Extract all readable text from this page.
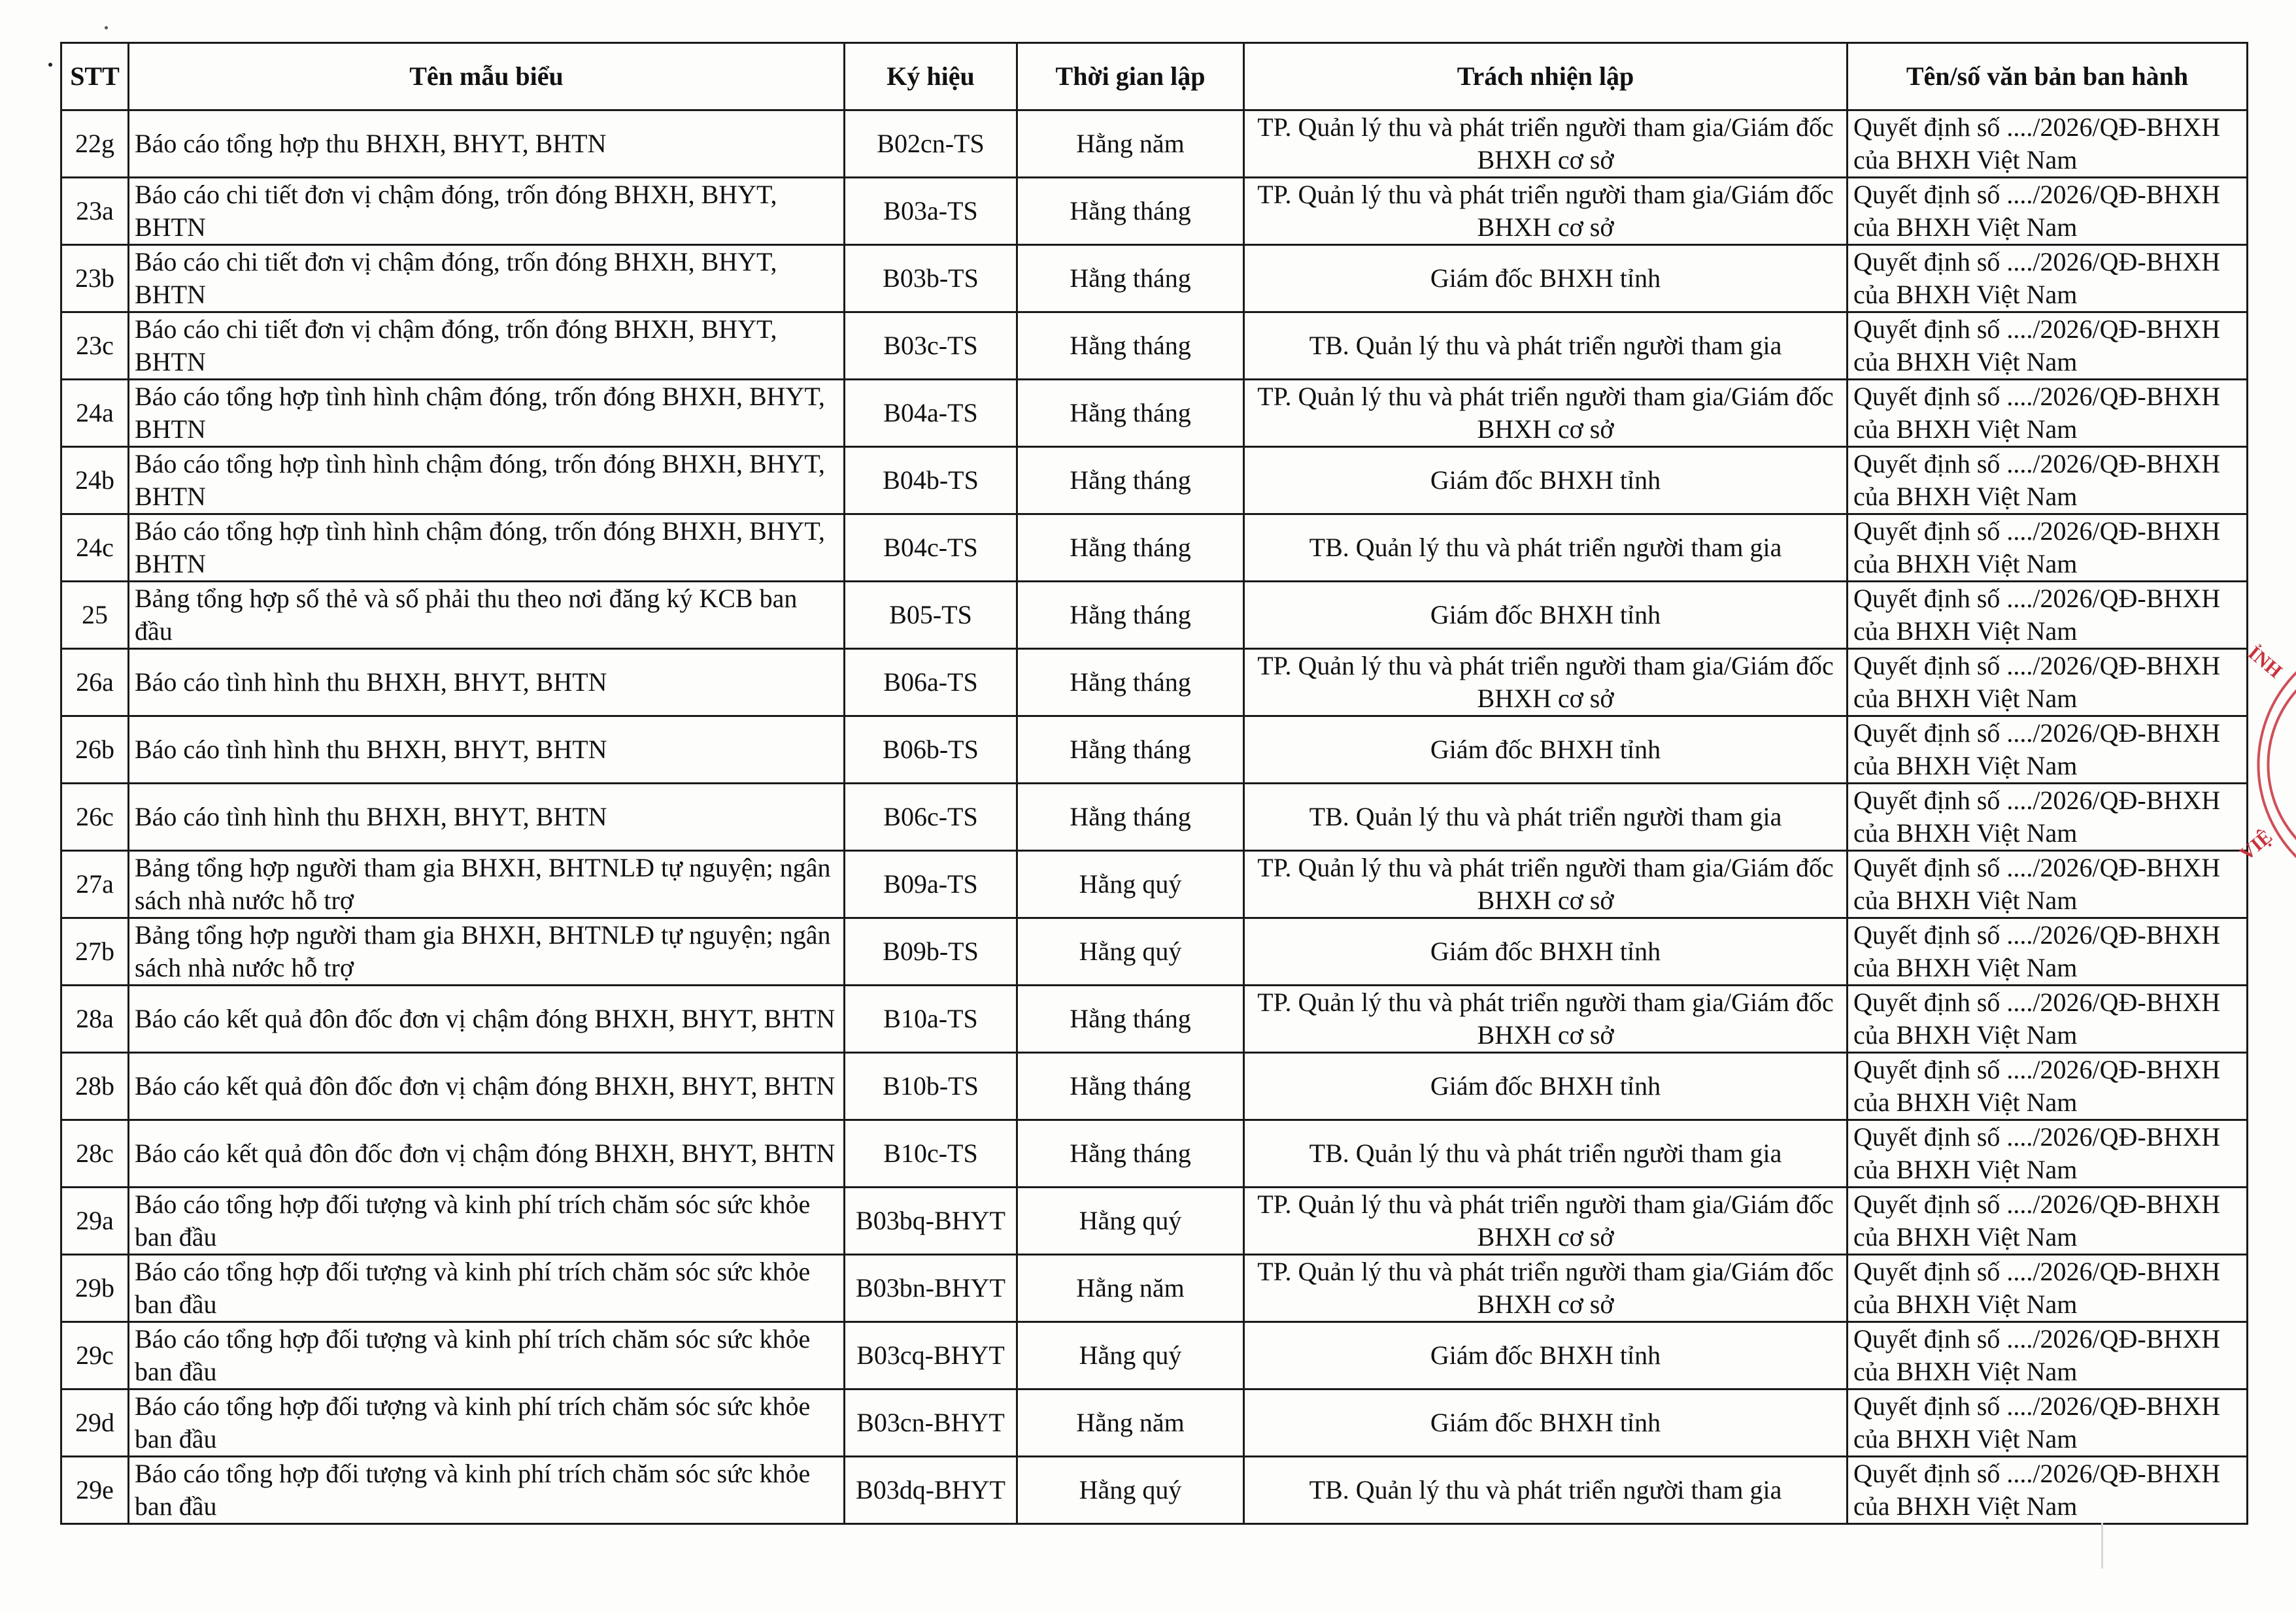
STT	Tên mẫu biểu	Ký hiệu	Thời gian lập	Trách nhiện lập	Tên/số văn bản ban hành
22g	Báo cáo tổng hợp thu BHXH, BHYT, BHTN	B02cn-TS	Hằng năm	TP. Quản lý thu và phát triển người tham gia/Giám đốc BHXH cơ sở	Quyết định số ..../2026/QĐ-BHXH của BHXH Việt Nam
23a	Báo cáo chi tiết đơn vị chậm đóng, trốn đóng BHXH, BHYT, BHTN	B03a-TS	Hằng tháng	TP. Quản lý thu và phát triển người tham gia/Giám đốc BHXH cơ sở	Quyết định số ..../2026/QĐ-BHXH của BHXH Việt Nam
23b	Báo cáo chi tiết đơn vị chậm đóng, trốn đóng BHXH, BHYT, BHTN	B03b-TS	Hằng tháng	Giám đốc BHXH tỉnh	Quyết định số ..../2026/QĐ-BHXH của BHXH Việt Nam
23c	Báo cáo chi tiết đơn vị chậm đóng, trốn đóng BHXH, BHYT, BHTN	B03c-TS	Hằng tháng	TB. Quản lý thu và phát triển người tham gia	Quyết định số ..../2026/QĐ-BHXH của BHXH Việt Nam
24a	Báo cáo tổng hợp tình hình chậm đóng, trốn đóng BHXH, BHYT, BHTN	B04a-TS	Hằng tháng	TP. Quản lý thu và phát triển người tham gia/Giám đốc BHXH cơ sở	Quyết định số ..../2026/QĐ-BHXH của BHXH Việt Nam
24b	Báo cáo tổng hợp tình hình chậm đóng, trốn đóng BHXH, BHYT, BHTN	B04b-TS	Hằng tháng	Giám đốc BHXH tỉnh	Quyết định số ..../2026/QĐ-BHXH của BHXH Việt Nam
24c	Báo cáo tổng hợp tình hình chậm đóng, trốn đóng BHXH, BHYT, BHTN	B04c-TS	Hằng tháng	TB. Quản lý thu và phát triển người tham gia	Quyết định số ..../2026/QĐ-BHXH của BHXH Việt Nam
25	Bảng tổng hợp số thẻ và số phải thu theo nơi đăng ký KCB ban đầu	B05-TS	Hằng tháng	Giám đốc BHXH tỉnh	Quyết định số ..../2026/QĐ-BHXH của BHXH Việt Nam
26a	Báo cáo tình hình thu BHXH, BHYT, BHTN	B06a-TS	Hằng tháng	TP. Quản lý thu và phát triển người tham gia/Giám đốc BHXH cơ sở	Quyết định số ..../2026/QĐ-BHXH của BHXH Việt Nam
26b	Báo cáo tình hình thu BHXH, BHYT, BHTN	B06b-TS	Hằng tháng	Giám đốc BHXH tỉnh	Quyết định số ..../2026/QĐ-BHXH của BHXH Việt Nam
26c	Báo cáo tình hình thu BHXH, BHYT, BHTN	B06c-TS	Hằng tháng	TB. Quản lý thu và phát triển người tham gia	Quyết định số ..../2026/QĐ-BHXH của BHXH Việt Nam
27a	Bảng tổng hợp người tham gia BHXH, BHTNLĐ tự nguyện; ngân sách nhà nước hỗ trợ	B09a-TS	Hằng quý	TP. Quản lý thu và phát triển người tham gia/Giám đốc BHXH cơ sở	Quyết định số ..../2026/QĐ-BHXH của BHXH Việt Nam
27b	Bảng tổng hợp người tham gia BHXH, BHTNLĐ tự nguyện; ngân sách nhà nước hỗ trợ	B09b-TS	Hằng quý	Giám đốc BHXH tỉnh	Quyết định số ..../2026/QĐ-BHXH của BHXH Việt Nam
28a	Báo cáo kết quả đôn đốc đơn vị chậm đóng BHXH, BHYT, BHTN	B10a-TS	Hằng tháng	TP. Quản lý thu và phát triển người tham gia/Giám đốc BHXH cơ sở	Quyết định số ..../2026/QĐ-BHXH của BHXH Việt Nam
28b	Báo cáo kết quả đôn đốc đơn vị chậm đóng BHXH, BHYT, BHTN	B10b-TS	Hằng tháng	Giám đốc BHXH tỉnh	Quyết định số ..../2026/QĐ-BHXH của BHXH Việt Nam
28c	Báo cáo kết quả đôn đốc đơn vị chậm đóng BHXH, BHYT, BHTN	B10c-TS	Hằng tháng	TB. Quản lý thu và phát triển người tham gia	Quyết định số ..../2026/QĐ-BHXH của BHXH Việt Nam
29a	Báo cáo tổng hợp đối tượng và kinh phí trích chăm sóc sức khỏe ban đầu	B03bq-BHYT	Hằng quý	TP. Quản lý thu và phát triển người tham gia/Giám đốc BHXH cơ sở	Quyết định số ..../2026/QĐ-BHXH của BHXH Việt Nam
29b	Báo cáo tổng hợp đối tượng và kinh phí trích chăm sóc sức khỏe ban đầu	B03bn-BHYT	Hằng năm	TP. Quản lý thu và phát triển người tham gia/Giám đốc BHXH cơ sở	Quyết định số ..../2026/QĐ-BHXH của BHXH Việt Nam
29c	Báo cáo tổng hợp đối tượng và kinh phí trích chăm sóc sức khỏe ban đầu	B03cq-BHYT	Hằng quý	Giám đốc BHXH tỉnh	Quyết định số ..../2026/QĐ-BHXH của BHXH Việt Nam
29d	Báo cáo tổng hợp đối tượng và kinh phí trích chăm sóc sức khỏe ban đầu	B03cn-BHYT	Hằng năm	Giám đốc BHXH tỉnh	Quyết định số ..../2026/QĐ-BHXH của BHXH Việt Nam
29e	Báo cáo tổng hợp đối tượng và kinh phí trích chăm sóc sức khỏe ban đầu	B03dq-BHYT	Hằng quý	TB. Quản lý thu và phát triển người tham gia	Quyết định số ..../2026/QĐ-BHXH của BHXH Việt Nam
ỈNH
VIỆ
